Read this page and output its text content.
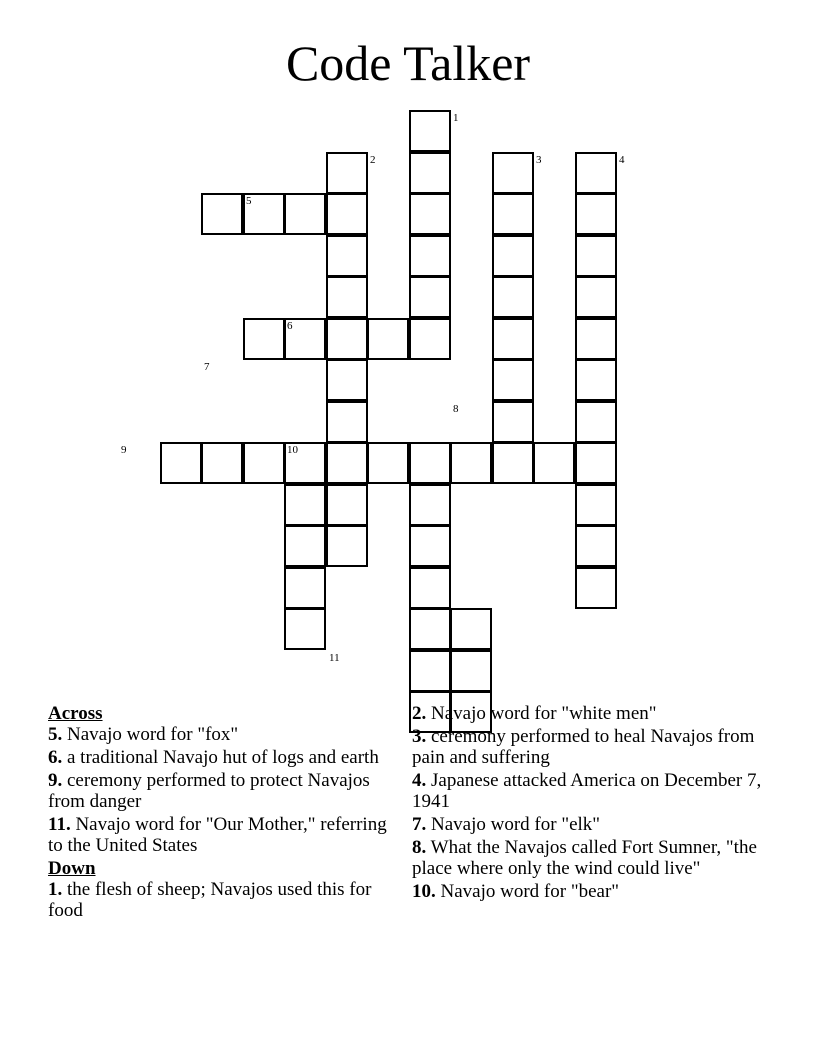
Code Talker
1
2	3	4
5
6
7
8
9	10
11
Across
5. Navajo word for "fox"
6. a traditional Navajo hut of logs and earth
9. ceremony performed to protect Navajos from danger
11. Navajo word for "Our Mother," referring to the United States
Down
1. the flesh of sheep; Navajos used this for food
2. Navajo word for "white men"
3. ceremony performed to heal Navajos from pain and suffering
4. Japanese attacked America on December 7, 1941
7. Navajo word for "elk"
8. What the Navajos called Fort Sumner, "the place where only the wind could live"
10. Navajo word for "bear"
